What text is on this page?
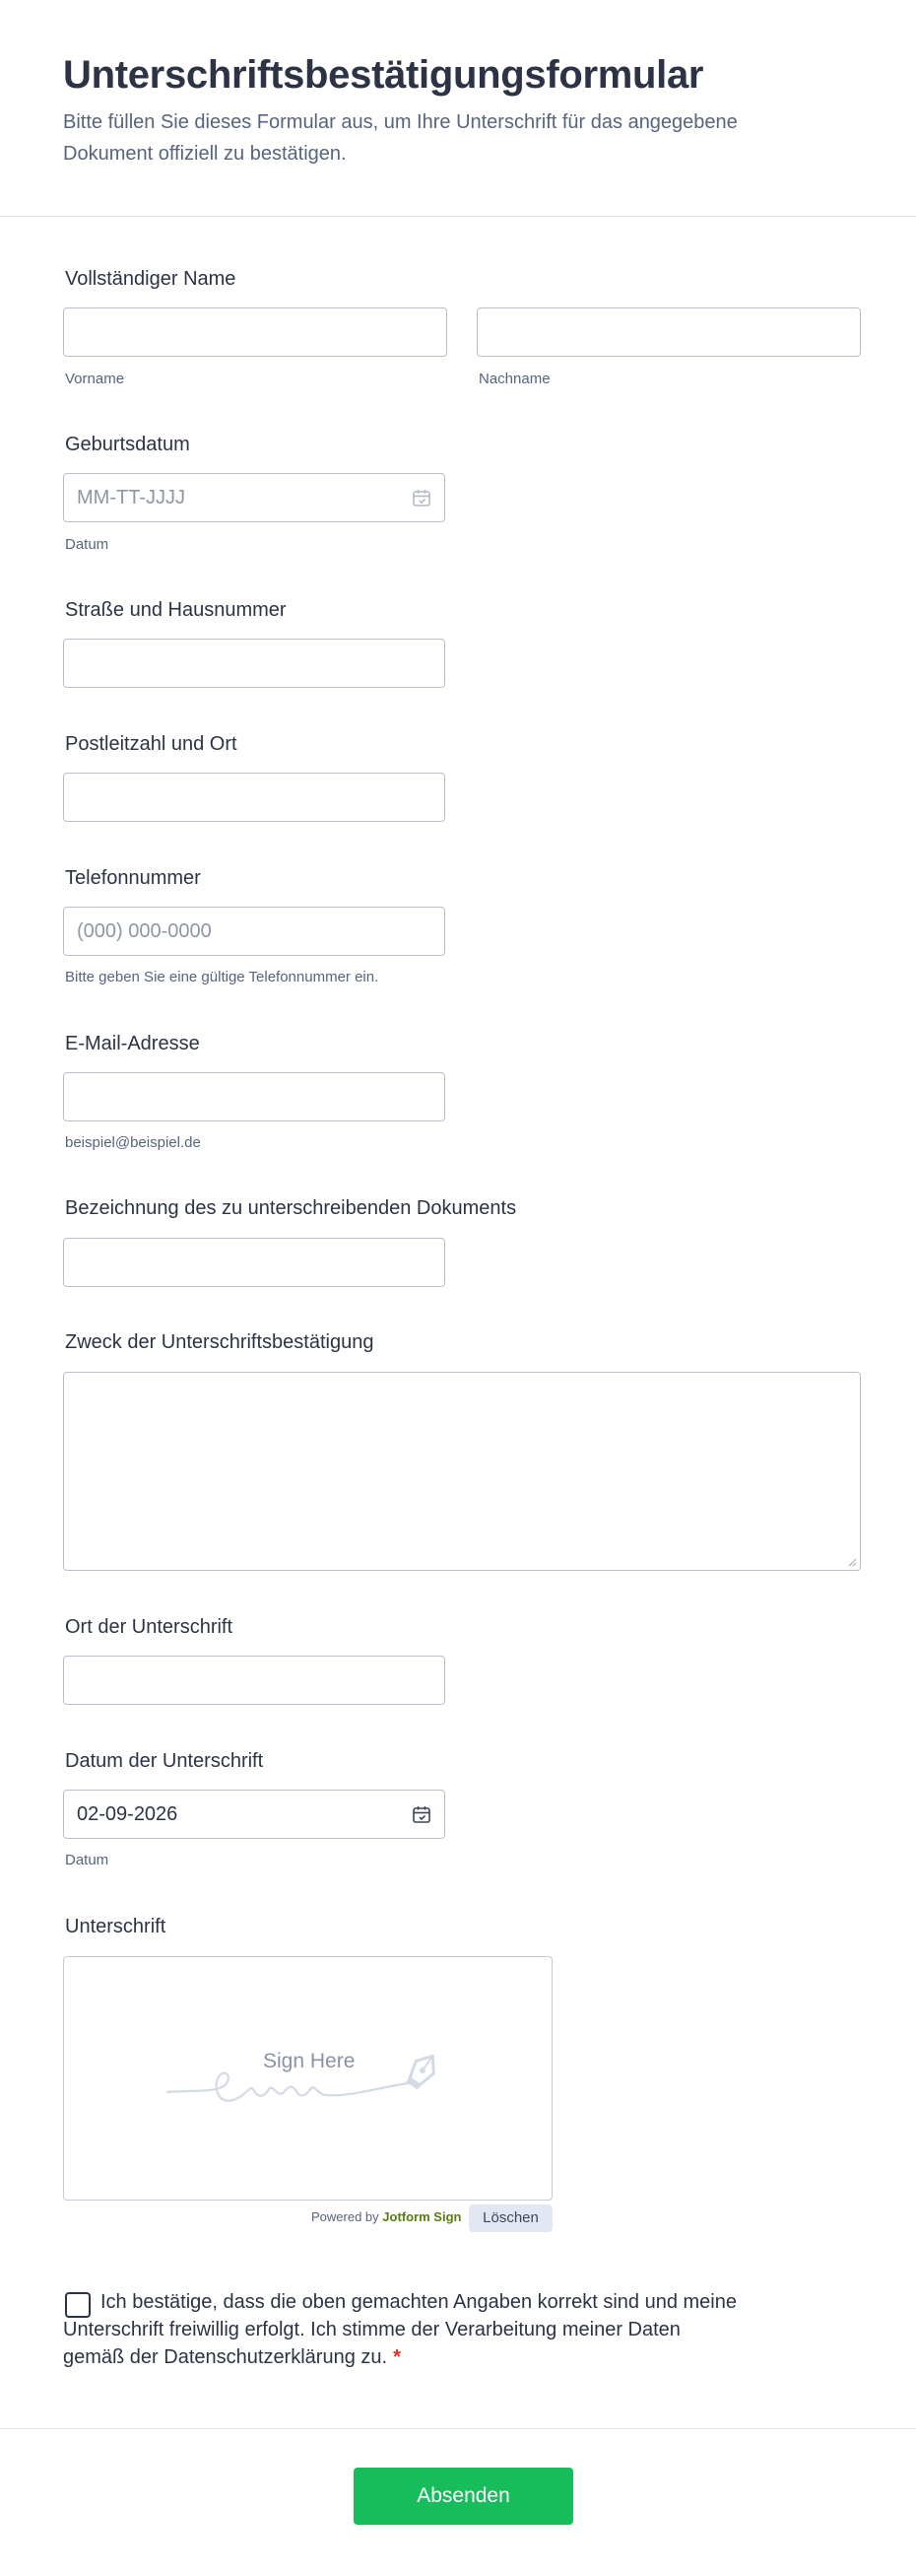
Unterschriftsbestätigungsformular

Bitte füllen Sie dieses Formular aus, um Ihre Unterschrift für das angegebene Dokument offiziell zu bestätigen.

Vollständiger Name
Vorname	Nachname
Geburtsdatum
MM-TT-JJJJ
Datum
Straße und Hausnummer
Postleitzahl und Ort
Telefonnummer
(000) 000-0000
Bitte geben Sie eine gültige Telefonnummer ein.
E-Mail-Adresse
beispiel@beispiel.de
Bezeichnung des zu unterschreibenden Dokuments
Zweck der Unterschriftsbestätigung
Ort der Unterschrift
Datum der Unterschrift
02-09-2026
Datum
Unterschrift
Sign Here
Powered by Jotform Sign	Löschen
Ich bestätige, dass die oben gemachten Angaben korrekt sind und meine Unterschrift freiwillig erfolgt. Ich stimme der Verarbeitung meiner Daten gemäß der Datenschutzerklärung zu. *
Absenden
